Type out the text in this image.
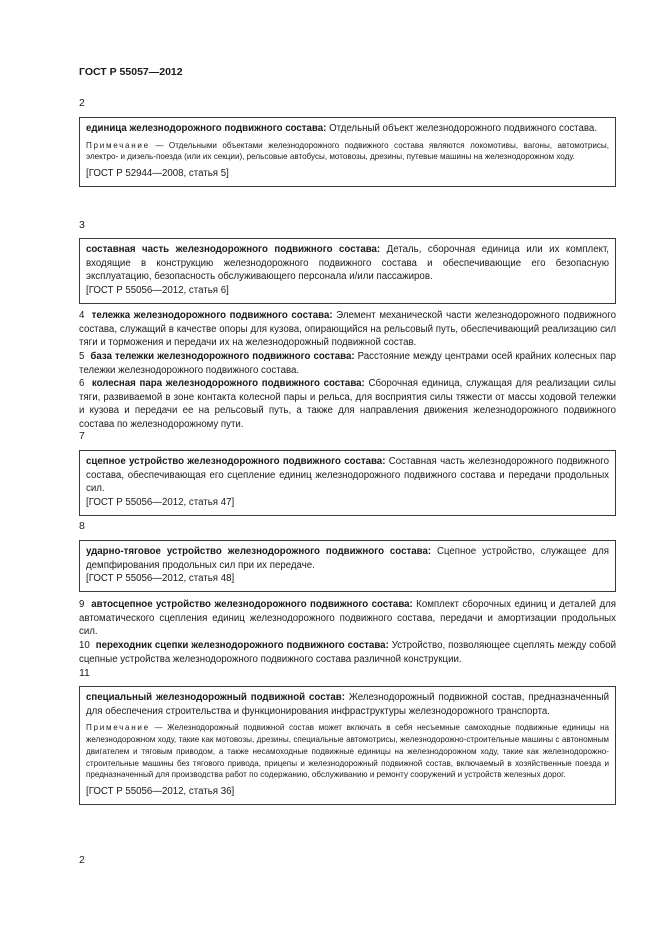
ГОСТ Р 55057—2012
2
единица железнодорожного подвижного состава: Отдельный объект железнодорожного подвижного состава.
Примечание — Отдельными объектами железнодорожного подвижного состава являются локомотивы, вагоны, автомотрисы, электро- и дизель-поезда (или их секции), рельсовые автобусы, мотовозы, дрезины, путевые машины на железнодорожном ходу.
[ГОСТ Р 52944—2008, статья 5]
3
составная часть железнодорожного подвижного состава: Деталь, сборочная единица или их комплект, входящие в конструкцию железнодорожного подвижного состава и обеспечивающие его безопасную эксплуатацию, безопасность обслуживающего персонала и/или пассажиров.
[ГОСТ Р 55056—2012, статья 6]
4 тележка железнодорожного подвижного состава: Элемент механической части железнодорожного подвижного состава, служащий в качестве опоры для кузова, опирающийся на рельсовый путь, обеспечивающий реализацию сил тяги и торможения и передачи их на железнодорожный подвижной состав.
5 база тележки железнодорожного подвижного состава: Расстояние между центрами осей крайних колесных пар тележки железнодорожного подвижного состава.
6 колесная пара железнодорожного подвижного состава: Сборочная единица, служащая для реализации силы тяги, развиваемой в зоне контакта колесной пары и рельса, для восприятия силы тяжести от массы ходовой тележки и кузова и передачи ее на рельсовый путь, а также для направления движения железнодорожного подвижного состава по железнодорожному пути.
7
сцепное устройство железнодорожного подвижного состава: Составная часть железнодорожного подвижного состава, обеспечивающая его сцепление единиц железнодорожного подвижного состава и передачи продольных сил.
[ГОСТ Р 55056—2012, статья 47]
8
ударно-тяговое устройство железнодорожного подвижного состава: Сцепное устройство, служащее для демпфирования продольных сил при их передаче.
[ГОСТ Р 55056—2012, статья 48]
9 автосцепное устройство железнодорожного подвижного состава: Комплект сборочных единиц и деталей для автоматического сцепления единиц железнодорожного подвижного состава, передачи и амортизации продольных сил.
10 переходник сцепки железнодорожного подвижного состава: Устройство, позволяющее сцеплять между собой сцепные устройства железнодорожного подвижного состава различной конструкции.
11
специальный железнодорожный подвижной состав: Железнодорожный подвижной состав, предназначенный для обеспечения строительства и функционирования инфраструктуры железнодорожного транспорта.
Примечание — Железнодорожный подвижной состав может включать в себя несъемные самоходные подвижные единицы на железнодорожном ходу, такие как мотовозы, дрезины, специальные автомотрисы, железнодорожно-строительные машины с автономным двигателем и тяговым приводом, а также несамоходные подвижные единицы на железнодорожном ходу, такие как железнодорожно-строительные машины без тягового привода, прицепы и железнодорожный подвижной состав, включаемый в хозяйственные поезда и предназначенный для производства работ по содержанию, обслуживанию и ремонту сооружений и устройств железных дорог.
[ГОСТ Р 55056—2012, статья 36]
2
